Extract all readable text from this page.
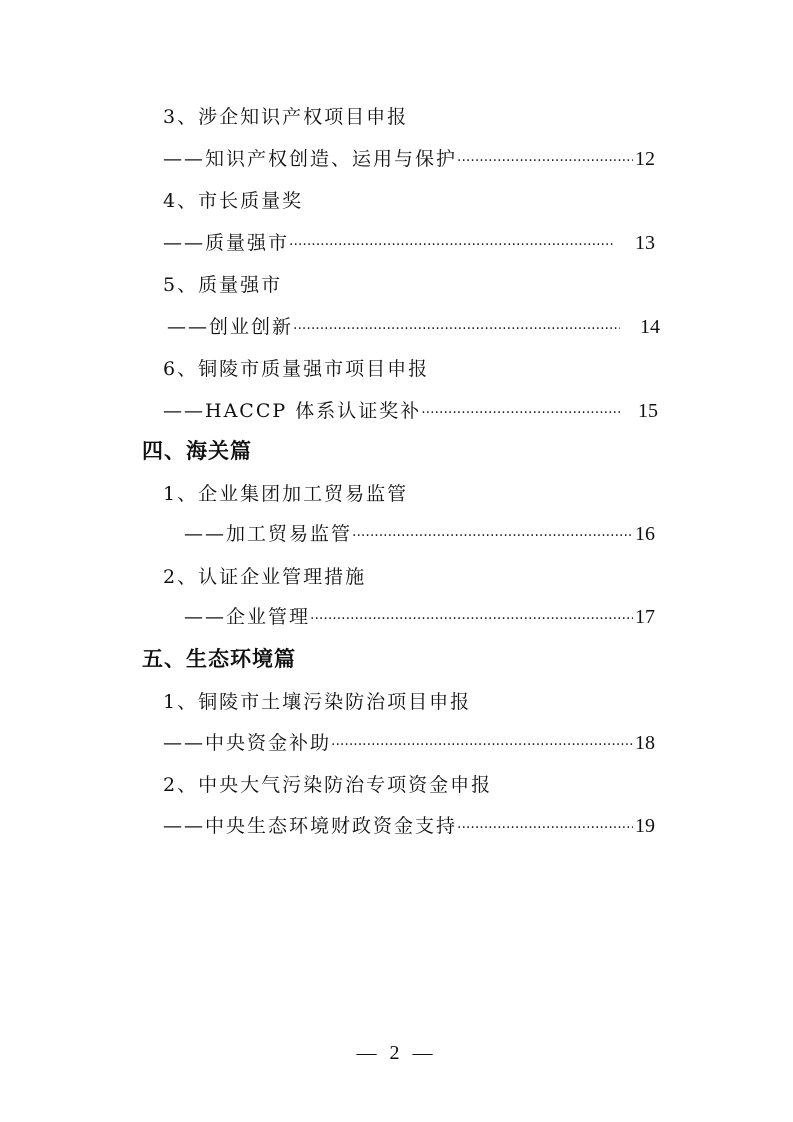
3、涉企知识产权项目申报
——知识产权创造、运用与保护 ·····	12
4、市长质量奖
——质量强市 ·····	13
5、质量强市
——创业创新 ·····	14
6、铜陵市质量强市项目申报
——HACCP 体系认证奖补 ·····	15
四、海关篇
1、企业集团加工贸易监管
——加工贸易监管 ·····	16
2、认证企业管理措施
——企业管理 ·····	17
五、生态环境篇
1、铜陵市土壤污染防治项目申报
——中央资金补助 ·····	18
2、中央大气污染防治专项资金申报
——中央生态环境财政资金支持 ·····	19
— 2 —
